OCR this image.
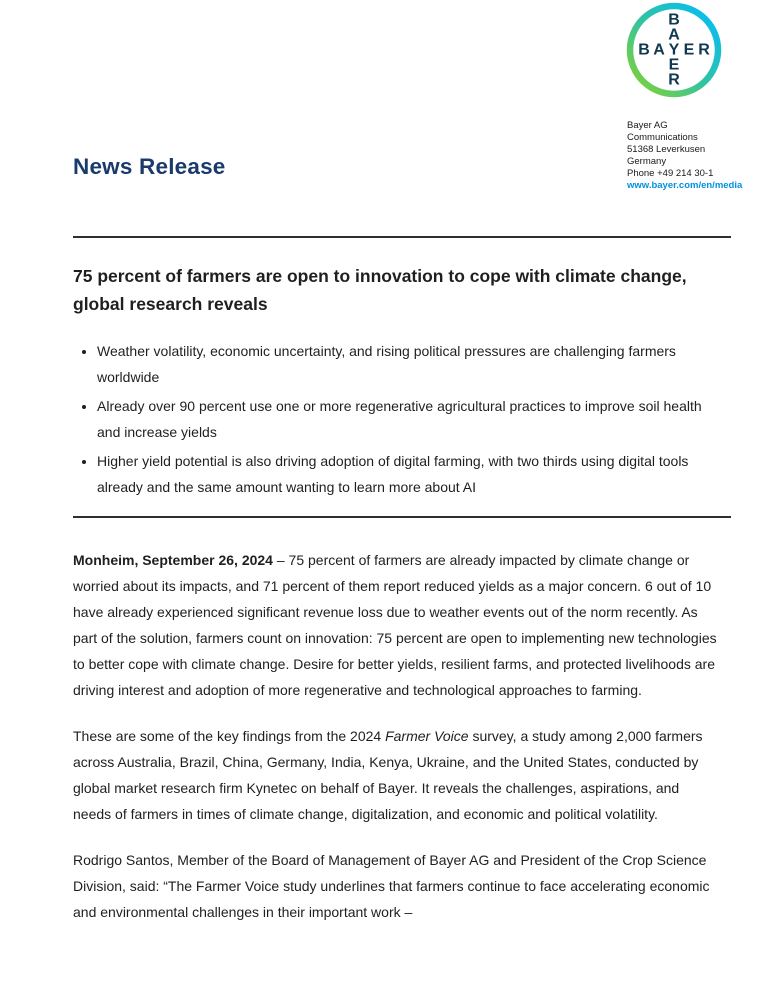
B A Y E R
B
A
E
R
Bayer AG
Communications
51368 Leverkusen
Germany
Phone +49 214 30-1
www.bayer.com/en/media
News Release
75 percent of farmers are open to innovation to cope with climate change, global research reveals
• Weather volatility, economic uncertainty, and rising political pressures are challenging farmers worldwide
• Already over 90 percent use one or more regenerative agricultural practices to improve soil health and increase yields
• Higher yield potential is also driving adoption of digital farming, with two thirds using digital tools already and the same amount wanting to learn more about AI

Monheim, September 26, 2024 – 75 percent of farmers are already impacted by climate change or worried about its impacts, and 71 percent of them report reduced yields as a major concern. 6 out of 10 have already experienced significant revenue loss due to weather events out of the norm recently. As part of the solution, farmers count on innovation: 75 percent are open to implementing new technologies to better cope with climate change. Desire for better yields, resilient farms, and protected livelihoods are driving interest and adoption of more regenerative and technological approaches to farming.

These are some of the key findings from the 2024 Farmer Voice survey, a study among 2,000 farmers across Australia, Brazil, China, Germany, India, Kenya, Ukraine, and the United States, conducted by global market research firm Kynetec on behalf of Bayer. It reveals the challenges, aspirations, and needs of farmers in times of climate change, digitalization, and economic and political volatility.

Rodrigo Santos, Member of the Board of Management of Bayer AG and President of the Crop Science Division, said: “The Farmer Voice study underlines that farmers continue to face accelerating economic and environmental challenges in their important work –
